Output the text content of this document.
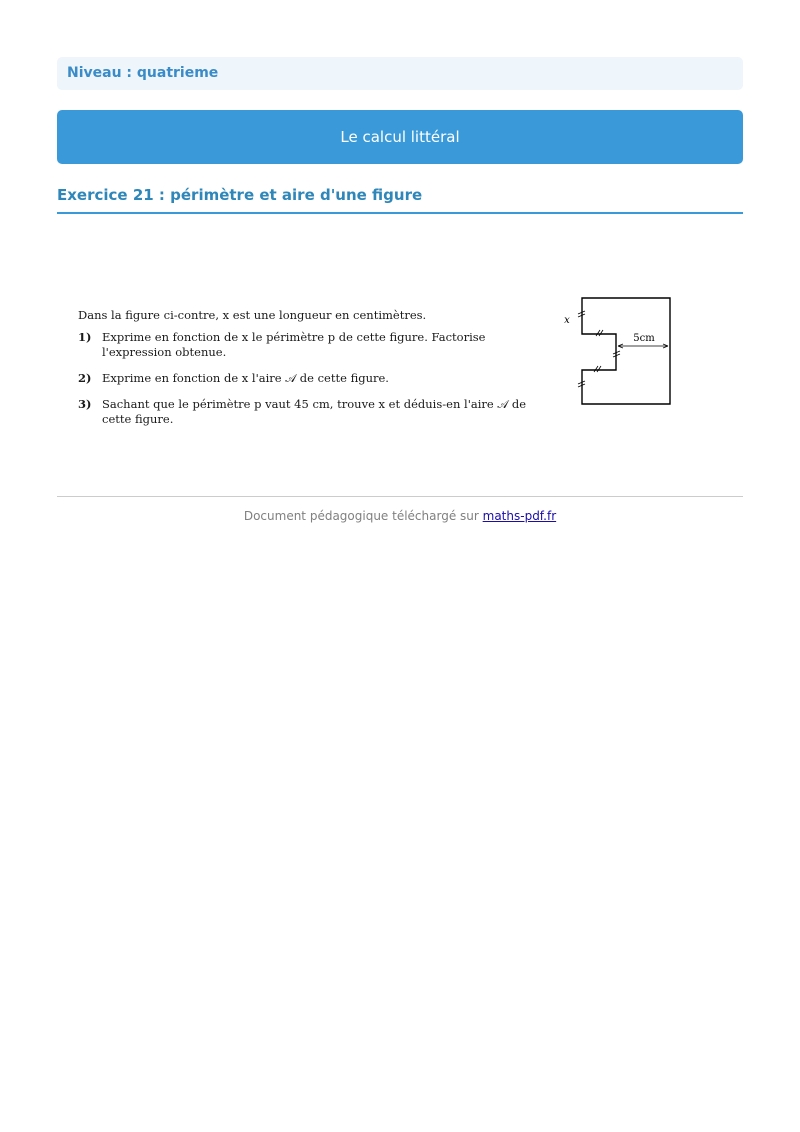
Niveau : quatrieme
Le calcul littéral
Exercice 21 : périmètre et aire d'une figure
Dans la figure ci-contre, x est une longueur en centimètres.
1) Exprime en fonction de x le périmètre p de cette figure. Factorise l'expression obtenue.
2) Exprime en fonction de x l'aire 𝒜 de cette figure.
3) Sachant que le périmètre p vaut 45 cm, trouve x et déduis-en l'aire 𝒜 de cette figure.
5cm
x
Document pédagogique téléchargé sur maths-pdf.fr
